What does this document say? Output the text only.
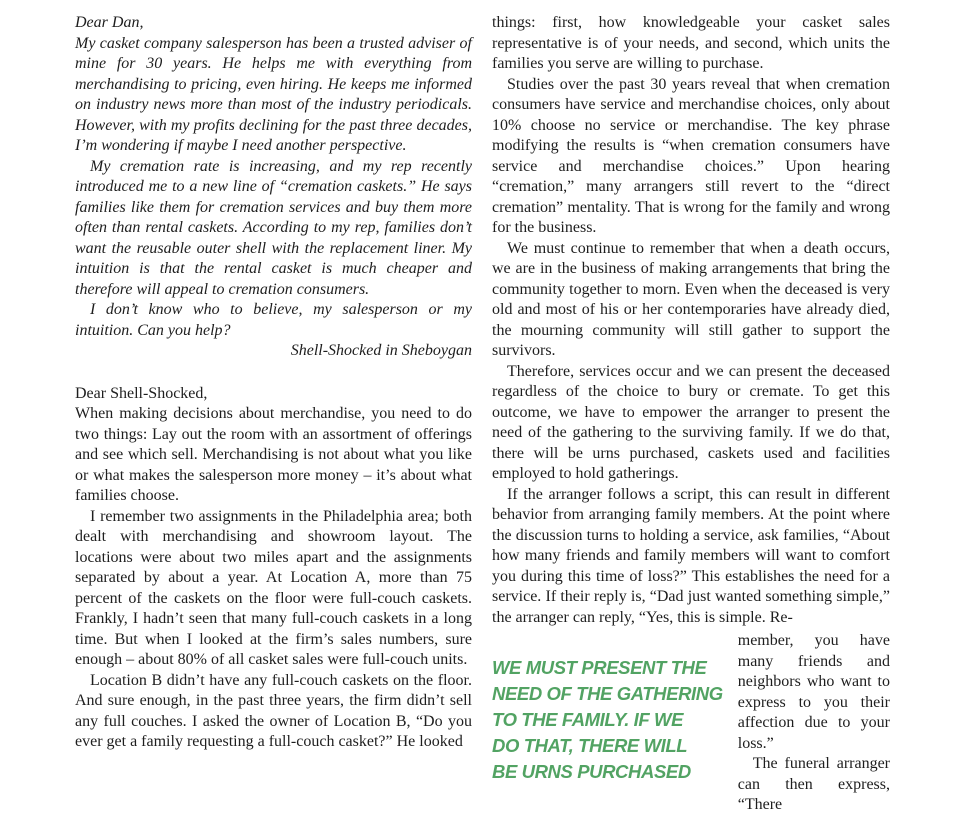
Dear Dan,

My casket company salesperson has been a trusted adviser of mine for 30 years. He helps me with everything from merchandising to pricing, even hiring. He keeps me informed on industry news more than most of the industry periodicals. However, with my profits declining for the past three decades, I’m wondering if maybe I need another perspective.

My cremation rate is increasing, and my rep recently introduced me to a new line of “cremation caskets.” He says families like them for cremation services and buy them more often than rental caskets. According to my rep, families don’t want the reusable outer shell with the replacement liner. My intuition is that the rental casket is much cheaper and therefore will appeal to cremation consumers.

I don’t know who to believe, my salesperson or my intuition. Can you help?

Shell-Shocked in Sheboygan

Dear Shell-Shocked,

When making decisions about merchandise, you need to do two things: Lay out the room with an assortment of offerings and see which sell. Merchandising is not about what you like or what makes the salesperson more money – it’s about what families choose.

I remember two assignments in the Philadelphia area; both dealt with merchandising and showroom layout. The locations were about two miles apart and the assignments separated by about a year. At Location A, more than 75 percent of the caskets on the floor were full-couch caskets. Frankly, I hadn’t seen that many full-couch caskets in a long time. But when I looked at the firm’s sales numbers, sure enough – about 80% of all casket sales were full-couch units.

Location B didn’t have any full-couch caskets on the floor. And sure enough, in the past three years, the firm didn’t sell any full couches. I asked the owner of Location B, “Do you ever get a family requesting a full-couch casket?” He looked

things: first, how knowledgeable your casket sales representative is of your needs, and second, which units the families you serve are willing to purchase.

Studies over the past 30 years reveal that when cremation consumers have service and merchandise choices, only about 10% choose no service or merchandise. The key phrase modifying the results is “when cremation consumers have service and merchandise choices.” Upon hearing “cremation,” many arrangers still revert to the “direct cremation” mentality. That is wrong for the family and wrong for the business.

We must continue to remember that when a death occurs, we are in the business of making arrangements that bring the community together to morn. Even when the deceased is very old and most of his or her contemporaries have already died, the mourning community will still gather to support the survivors.

Therefore, services occur and we can present the deceased regardless of the choice to bury or cremate. To get this outcome, we have to empower the arranger to present the need of the gathering to the surviving family. If we do that, there will be urns purchased, caskets used and facilities employed to hold gatherings.

If the arranger follows a script, this can result in different behavior from arranging family members. At the point where the discussion turns to holding a service, ask families, “About how many friends and family members will want to comfort you during this time of loss?” This establishes the need for a service. If their reply is, “Dad just wanted something simple,” the arranger can reply, “Yes, this is simple. Re-

WE MUST PRESENT THE
NEED OF THE GATHERING
TO THE FAMILY. IF WE
DO THAT, THERE WILL
BE URNS PURCHASED

member, you have many friends and neighbors who want to express to you their affection due to your loss.”

The funeral arranger can then express, “There
